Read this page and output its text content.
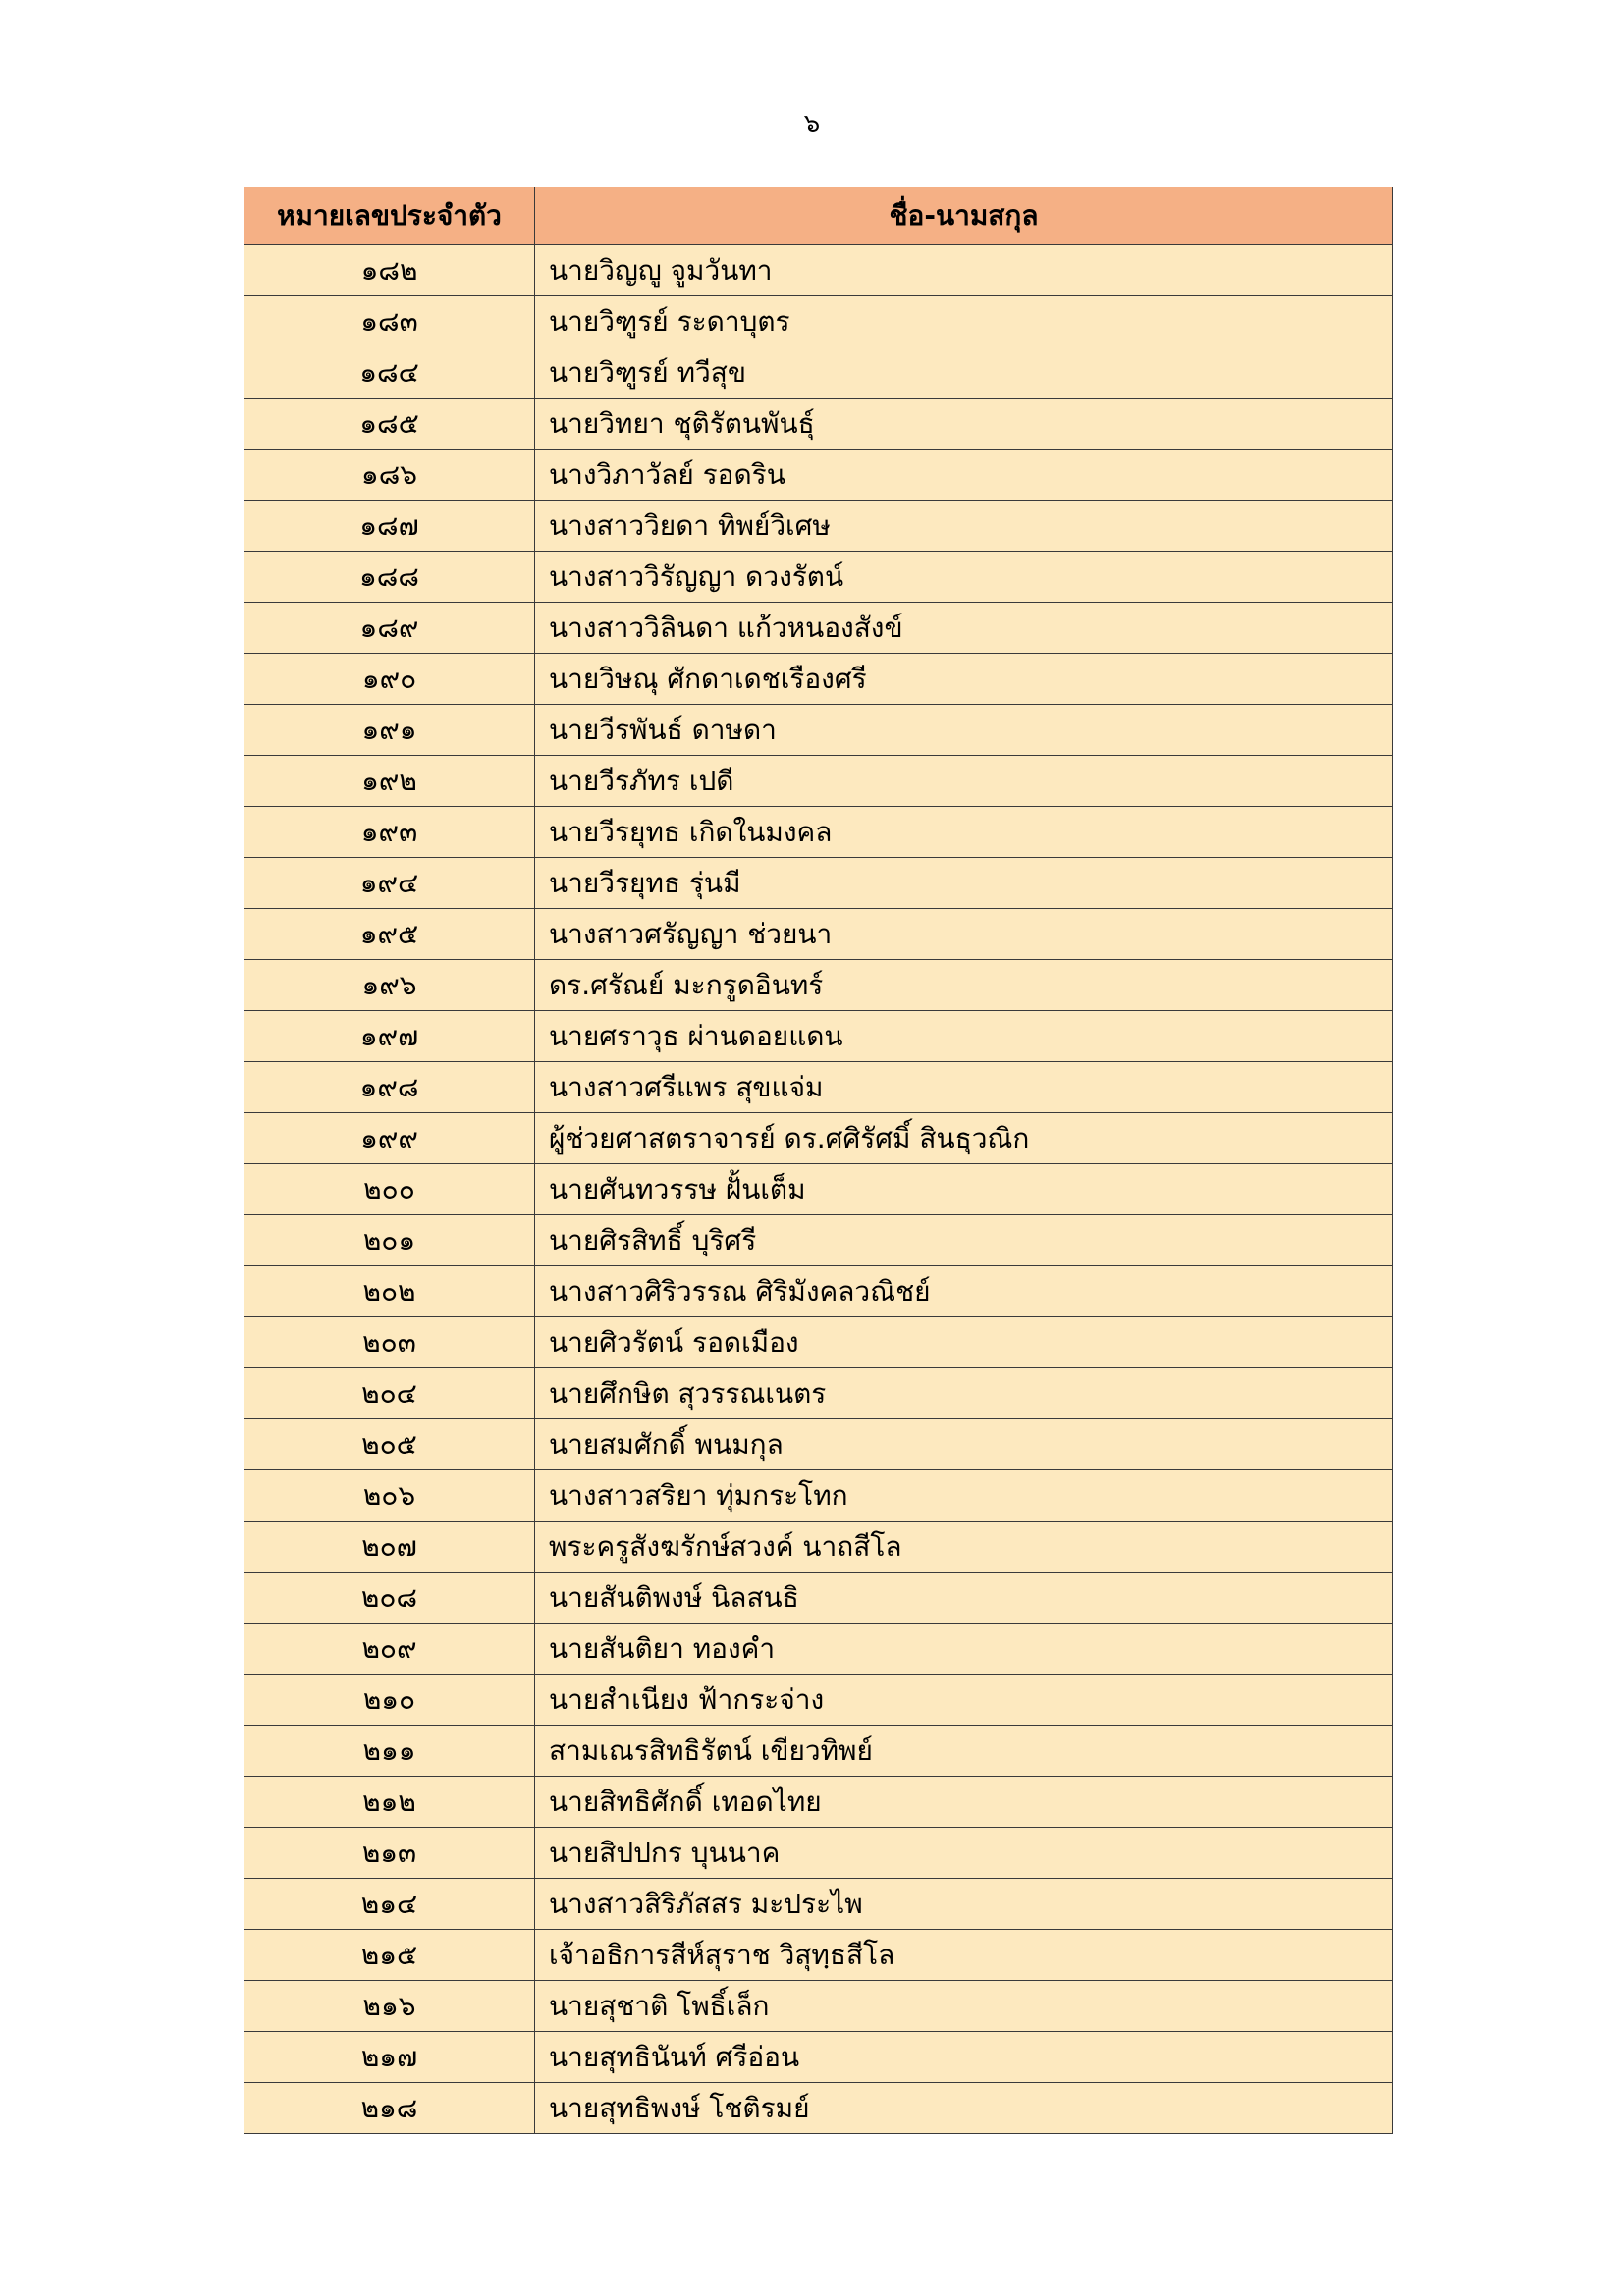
๖
หมายเลขประจำตัว	ชื่อ-นามสกุล
๑๘๒	นายวิญญู จูมวันทา
๑๘๓	นายวิฑูรย์ ระดาบุตร
๑๘๔	นายวิฑูรย์ ทวีสุข
๑๘๕	นายวิทยา ชุติรัตนพันธุ์
๑๘๖	นางวิภาวัลย์ รอดริน
๑๘๗	นางสาววิยดา ทิพย์วิเศษ
๑๘๘	นางสาววิรัญญา ดวงรัตน์
๑๘๙	นางสาววิลินดา แก้วหนองสังข์
๑๙๐	นายวิษณุ ศักดาเดชเรืองศรี
๑๙๑	นายวีรพันธ์ ดาษดา
๑๙๒	นายวีรภัทร เปดี
๑๙๓	นายวีรยุทธ เกิดในมงคล
๑๙๔	นายวีรยุทธ รุ่นมี
๑๙๕	นางสาวศรัญญา ช่วยนา
๑๙๖	ดร.ศรัณย์ มะกรูดอินทร์
๑๙๗	นายศราวุธ ผ่านดอยแดน
๑๙๘	นางสาวศรีแพร สุขแจ่ม
๑๙๙	ผู้ช่วยศาสตราจารย์ ดร.ศศิรัศมิ์ สินธุวณิก
๒๐๐	นายศันทวรรษ ฝั้นเต็ม
๒๐๑	นายศิรสิทธิ์ บุริศรี
๒๐๒	นางสาวศิริวรรณ ศิริมังคลวณิชย์
๒๐๓	นายศิวรัตน์ รอดเมือง
๒๐๔	นายศึกษิต สุวรรณเนตร
๒๐๕	นายสมศักดิ์ พนมกุล
๒๐๖	นางสาวสริยา ทุ่มกระโทก
๒๐๗	พระครูสังฆรักษ์สวงค์ นาถสีโล
๒๐๘	นายสันติพงษ์ นิลสนธิ
๒๐๙	นายสันติยา ทองคำ
๒๑๐	นายสำเนียง ฟ้ากระจ่าง
๒๑๑	สามเณรสิทธิรัตน์ เขียวทิพย์
๒๑๒	นายสิทธิศักดิ์ เทอดไทย
๒๑๓	นายสิปปกร บุนนาค
๒๑๔	นางสาวสิริภัสสร มะประไพ
๒๑๕	เจ้าอธิการสีห์สุราช วิสุทฺธสีโล
๒๑๖	นายสุชาติ โพธิ์เล็ก
๒๑๗	นายสุทธินันท์ ศรีอ่อน
๒๑๘	นายสุทธิพงษ์ โชติรมย์
